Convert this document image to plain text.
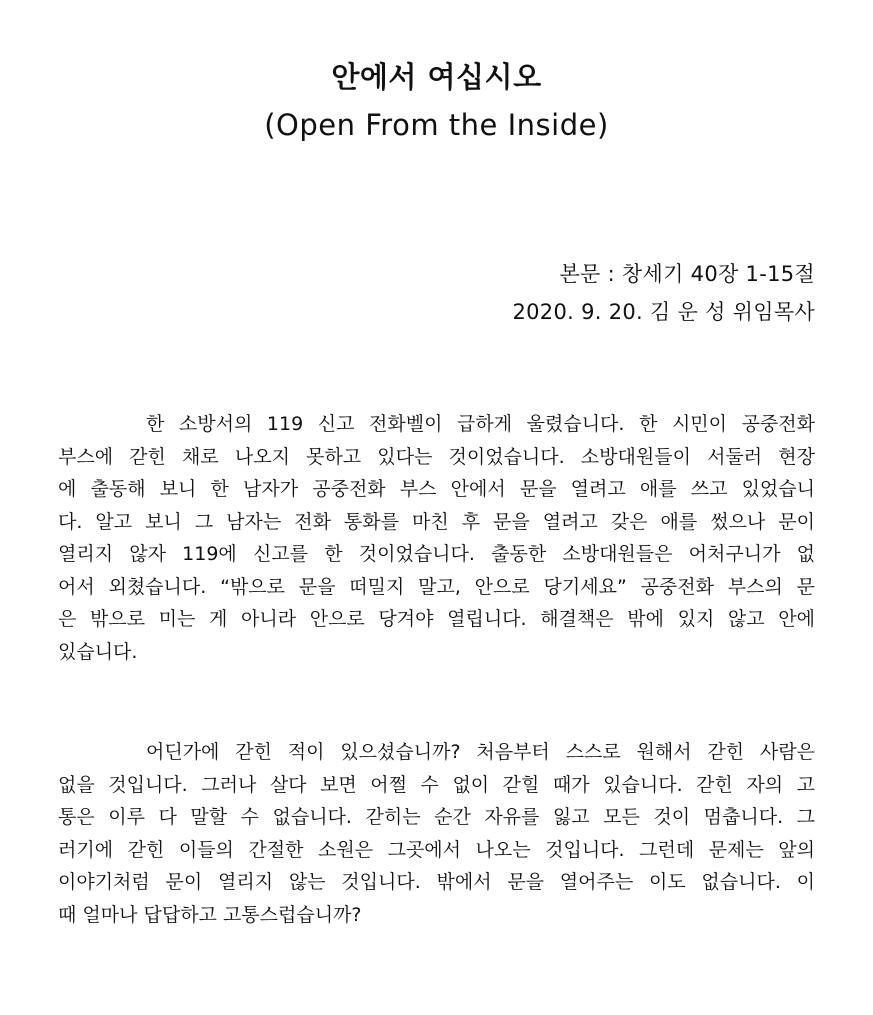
안에서 여십시오
(Open From the Inside)
본문 : 창세기 40장 1-15절
2020. 9. 20. 김 운 성 위임목사
한 소방서의 119 신고 전화벨이 급하게 울렸습니다. 한 시민이 공중전화
부스에 갇힌 채로 나오지 못하고 있다는 것이었습니다. 소방대원들이 서둘러 현장
에 출동해 보니 한 남자가 공중전화 부스 안에서 문을 열려고 애를 쓰고 있었습니
다. 알고 보니 그 남자는 전화 통화를 마친 후 문을 열려고 갖은 애를 썼으나 문이
열리지 않자 119에 신고를 한 것이었습니다. 출동한 소방대원들은 어처구니가 없
어서 외쳤습니다. “밖으로 문을 떠밀지 말고, 안으로 당기세요” 공중전화 부스의 문
은 밖으로 미는 게 아니라 안으로 당겨야 열립니다. 해결책은 밖에 있지 않고 안에
있습니다.
어딘가에 갇힌 적이 있으셨습니까? 처음부터 스스로 원해서 갇힌 사람은
없을 것입니다. 그러나 살다 보면 어쩔 수 없이 갇힐 때가 있습니다. 갇힌 자의 고
통은 이루 다 말할 수 없습니다. 갇히는 순간 자유를 잃고 모든 것이 멈춥니다. 그
러기에 갇힌 이들의 간절한 소원은 그곳에서 나오는 것입니다. 그런데 문제는 앞의
이야기처럼 문이 열리지 않는 것입니다. 밖에서 문을 열어주는 이도 없습니다. 이
때 얼마나 답답하고 고통스럽습니까?
